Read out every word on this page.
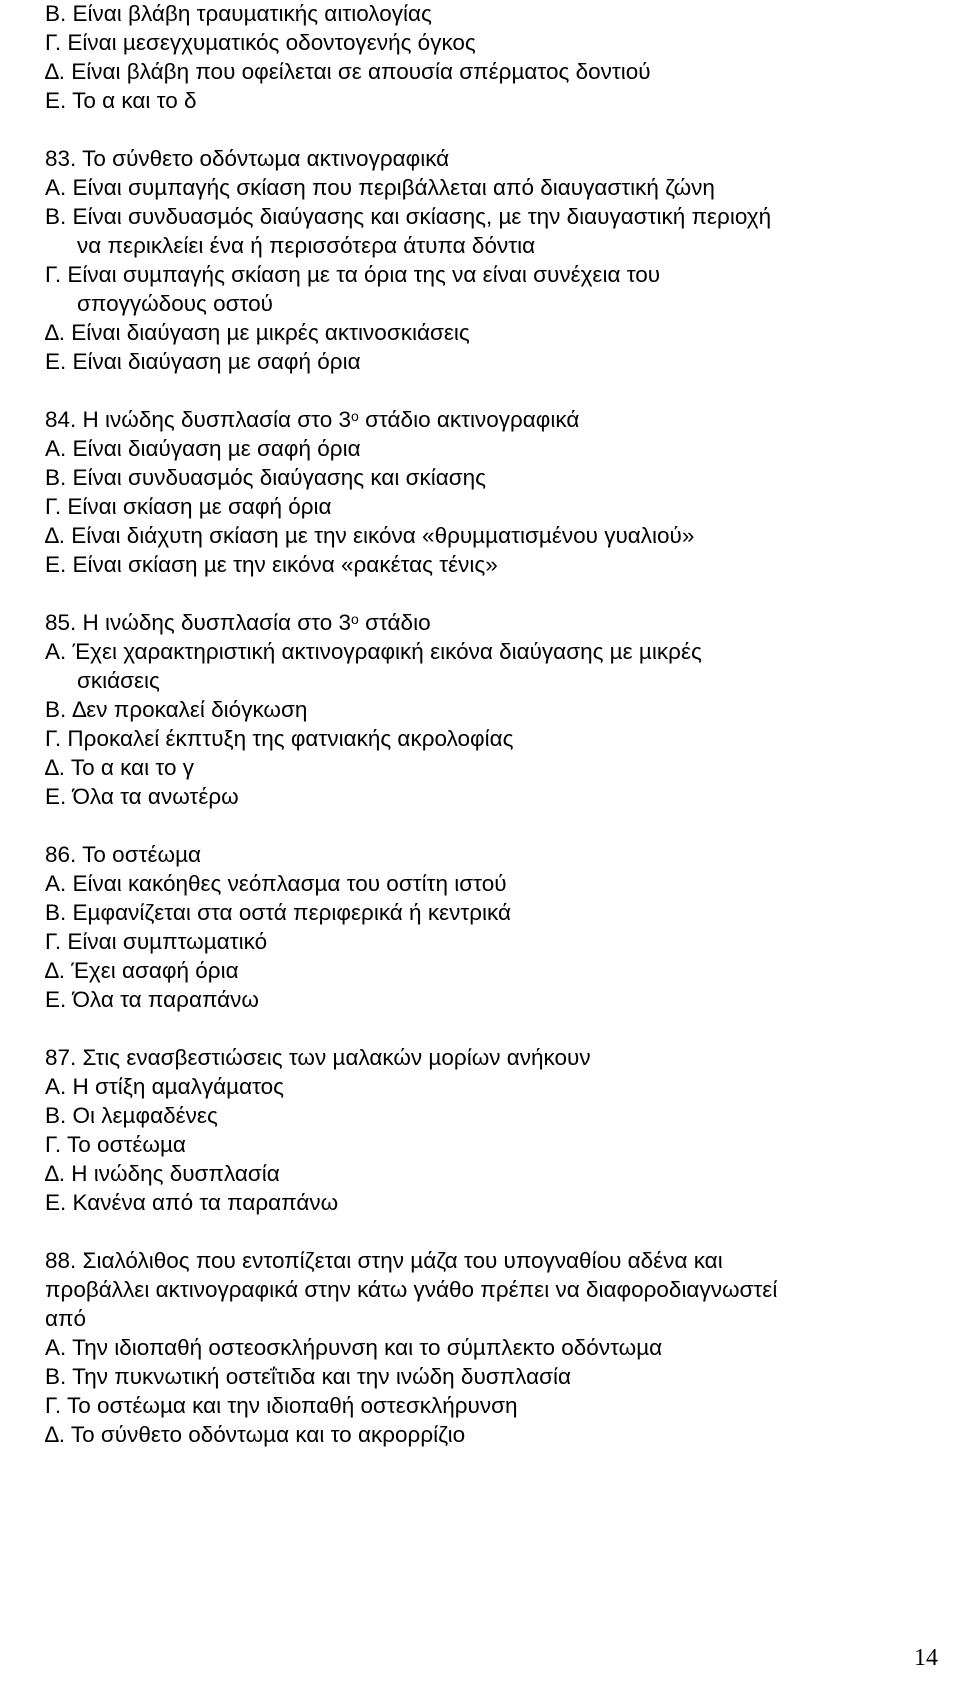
Β. Είναι βλάβη τραυµατικής αιτιολογίας

Γ. Είναι µεσεγχυµατικός οδοντογενής όγκος

∆. Είναι βλάβη που οφείλεται σε απουσία σπέρµατος δοντιού

Ε. Το α και το δ

83. Το σύνθετο οδόντωµα ακτινογραφικά

Α. Είναι συµπαγής σκίαση που περιβάλλεται από διαυγαστική ζώνη

Β. Είναι συνδυασµός διαύγασης και σκίασης, µε την διαυγαστική περιοχή

να περικλείει ένα ή περισσότερα άτυπα δόντια

Γ. Είναι συµπαγής σκίαση µε τα όρια της να είναι συνέχεια του

σπογγώδους οστού

∆. Είναι διαύγαση µε µικρές ακτινοσκιάσεις

Ε. Είναι διαύγαση µε σαφή όρια

84. Η ινώδης δυσπλασία στο $3^o$ στάδιο ακτινογραφικά

Α. Είναι διαύγαση µε σαφή όρια

Β. Είναι συνδυασµός διαύγασης και σκίασης

Γ. Είναι σκίαση µε σαφή όρια

∆. Είναι διάχυτη σκίαση µε την εικόνα «θρυµµατισµένου γυαλιού»

Ε. Είναι σκίαση µε την εικόνα «ρακέτας τένις»

85. Η ινώδης δυσπλασία στο $3^o$ στάδιο

Α. Έχει χαρακτηριστική ακτινογραφική εικόνα διαύγασης µε µικρές

σκιάσεις

Β. ∆εν προκαλεί διόγκωση

Γ. Προκαλεί έκπτυξη της φατνιακής ακρολοφίας

∆. Το α και το γ

Ε. Όλα τα ανωτέρω

86. Το οστέωµα

Α. Είναι κακόηθες νεόπλασµα του οστίτη ιστού

Β. Εµφανίζεται στα οστά περιφερικά ή κεντρικά

Γ. Είναι συµπτωµατικό

∆. Έχει ασαφή όρια

Ε. Όλα τα παραπάνω

87. Στις ενασβεστιώσεις των µαλακών µορίων ανήκουν

Α. Η στίξη αµαλγάµατος

Β. Οι λεµφαδένες

Γ. Το οστέωµα

∆. Η ινώδης δυσπλασία

Ε. Κανένα από τα παραπάνω

88. Σιαλόλιθος που εντοπίζεται στην µάζα του υπογναθίου αδένα και

προβάλλει ακτινογραφικά στην κάτω γνάθο πρέπει να διαφοροδιαγνωστεί

από

Α. Την ιδιοπαθή οστεοσκλήρυνση και το σύµπλεκτο οδόντωµα

Β. Την πυκνωτική οστεΐτιδα και την ινώδη δυσπλασία

Γ. Το οστέωµα και την ιδιοπαθή οστεσκλήρυνση

∆. Το σύνθετο οδόντωµα και το ακρορρίζιο

14
